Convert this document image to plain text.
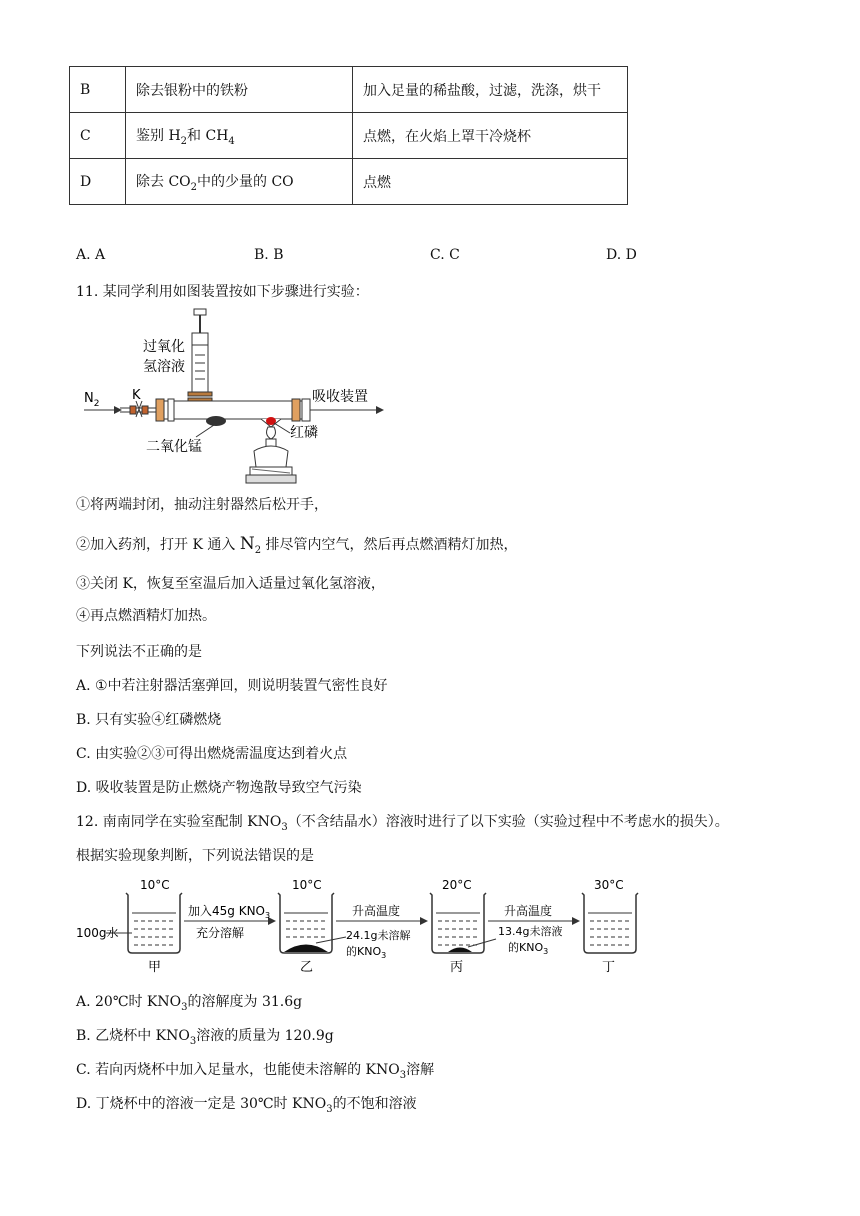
B	除去银粉中的铁粉	加入足量的稀盐酸，过滤，洗涤，烘干
C	鉴别 $H_2$和 $CH_4$	点燃，在火焰上罩干冷烧杯
D	除去 $CO_2$中的少量的 CO	点燃
A. A	B. B	C. C	D. D
11. 某同学利用如图装置按如下步骤进行实验：
过氧化
氢溶液
$N_2$
K	吸收装置
二氧化锰
红磷
①将两端封闭，抽动注射器然后松开手，
②加入药剂，打开 K 通入 $N_2$ 排尽管内空气，然后再点燃酒精灯加热，
③关闭 K，恢复至室温后加入适量过氧化氢溶液，
④再点燃酒精灯加热。
下列说法不正确的是
A. ①中若注射器活塞弹回，则说明装置气密性良好
B. 只有实验④红磷燃烧
C. 由实验②③可得出燃烧需温度达到着火点
D. 吸收装置是防止燃烧产物逸散导致空气污染
12. 南南同学在实验室配制 $KNO_3$（不含结晶水）溶液时进行了以下实验（实验过程中不考虑水的损失）。
根据实验现象判断，下列说法错误的是
10°C	10°C	20°C	30°C
100g水
加入45g $KNO_3$
充分溶解
升高温度	升高温度
24.1g未溶解
的$KNO_3$
13.4g未溶液
的$KNO_3$
甲	乙	丙	丁
A. 20℃时 $KNO_3$的溶解度为 31.6g
B. 乙烧杯中 $KNO_3$溶液的质量为 120.9g
C. 若向丙烧杯中加入足量水，也能使未溶解的 $KNO_3$溶解
D. 丁烧杯中的溶液一定是 30℃时 $KNO_3$的不饱和溶液
